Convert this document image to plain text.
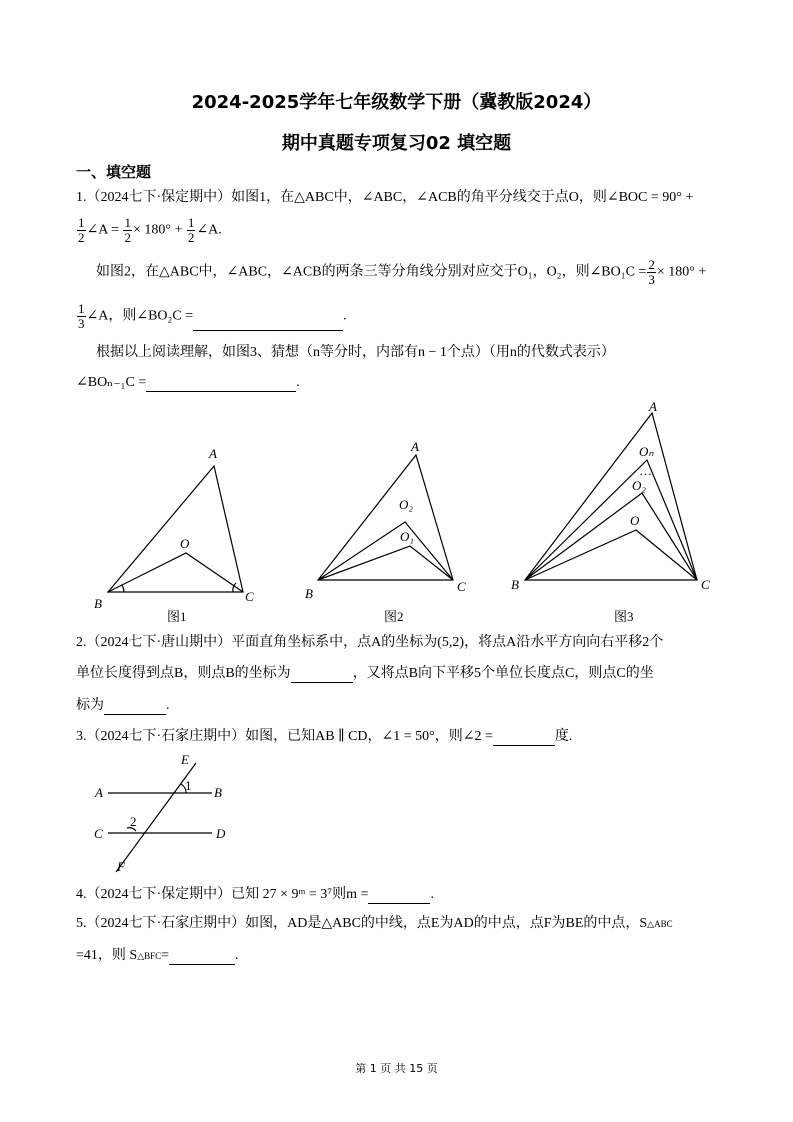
2024-2025学年七年级数学下册（冀教版2024）
期中真题专项复习02 填空题
一、填空题
1.（2024七下·保定期中）如图1，在△ABC中，∠ABC，∠ACB的角平分线交于点O，则∠BOC = 90° +
$\frac{1}{2}$ ∠A = $\frac{1}{2} \times 180^\circ + \frac{1}{2}$ ∠A.
如图2，在△ABC中，∠ABC，∠ACB的两条三等分角线分别对应交于O₁，O₂，则∠BO₁C = $\frac{2}{3} \times 180^\circ$ +
$\frac{1}{3}$ ∠A，则∠BO₂C =	.
根据以上阅读理解，如图3、猜想（n等分时，内部有n − 1个点）（用n的代数式表示）
∠BOₙ₋₁C =	.
A
B	C
O
图1
A
B	C
O₁
O₂
图2
A
B	C
O
O₂
Oₙ
…
图3
A	B
C	D
E
F
1
2
2.（2024七下·唐山期中）平面直角坐标系中，点A的坐标为(5,2)，将点A沿水平方向向右平移2个
单位长度得到点B，则点B的坐标为	，又将点B向下平移5个单位长度点C，则点C的坐
标为	.
3.（2024七下·石家庄期中）如图，已知AB ∥ CD，∠1 = 50°，则∠2 =	度.
4.（2024七下·保定期中）已知 27 × 9ᵐ = 3⁷则m =	.
5.（2024七下·石家庄期中）如图，AD是△ABC的中线，点E为AD的中点，点F为BE的中点，S△ABC
=41，则 S△BFC=	.
第 1 页 共 15 页
